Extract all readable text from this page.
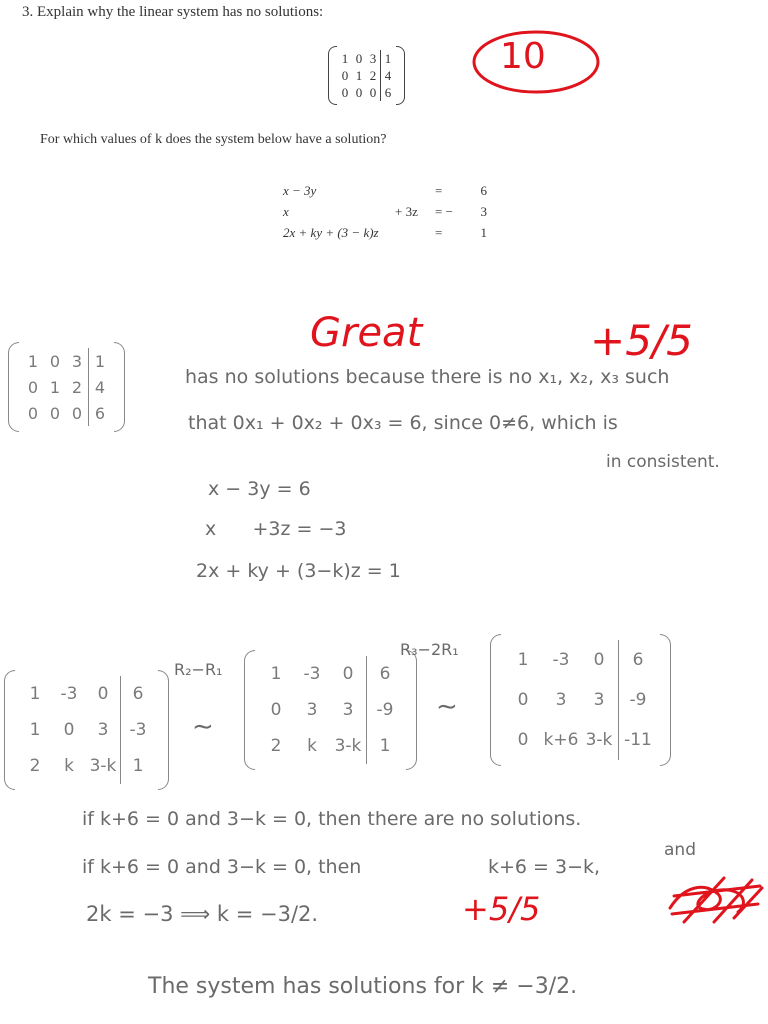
3. Explain why the linear system has no solutions:
1	0	3	1
0	1	2	4
0	0	0	6
For which values of k does the system below have a solution?
x − 3y		=	6
x	+ 3z	= −	3
2x + ky + (3 − k)z		=	1
10
Great	+5/5
1	0	3	1
0	1	2	4
0	0	0	6
has no solutions because there is no x₁, x₂, x₃ such
that 0x₁ + 0x₂ + 0x₃ = 6, since 0≠6, which is
in consistent.
x − 3y = 6
x      +3z = −3
2x + ky + (3−k)z = 1
1	-3	0	6
1	0	3	-3
2	k	3-k	1
R₂−R₁
∼
1	-3	0	6
0	3	3	-9
2	k	3-k	1
R₃−2R₁
∼
1	-3	0	6
0	3	3	-9
0	k+6	3-k	-11
if k+6 = 0 and 3−k = 0, then there are no solutions.
if k+6 = 0 and 3−k = 0, then	k+6 = 3−k,
and
2k = −3 ⟹ k = −3/2.	+5/5
The system has solutions for k ≠ −3/2.
